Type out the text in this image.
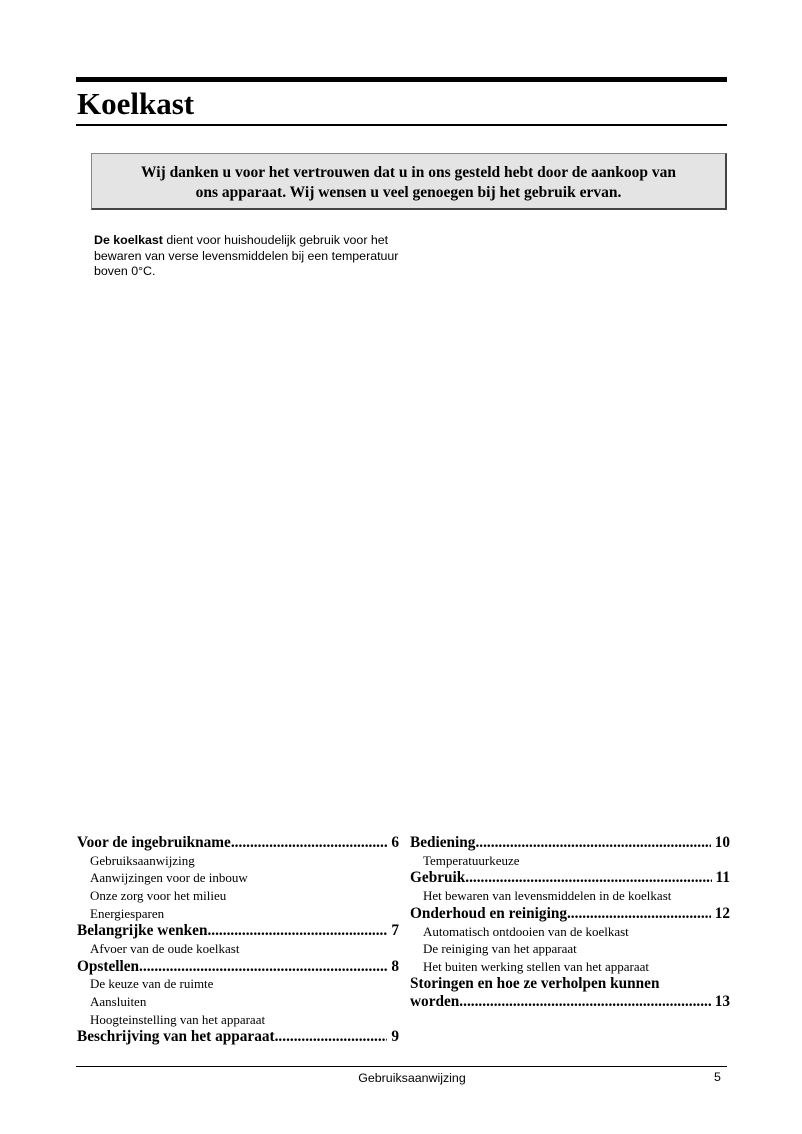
Koelkast
Wij danken u voor het vertrouwen dat u in ons gesteld hebt door de aankoop van
ons apparaat. Wij wensen u veel genoegen bij het gebruik ervan.
De koelkast dient voor huishoudelijk gebruik voor het bewaren van verse levensmiddelen bij een temperatuur boven 0°C.
Voor de ingebruikname .....	6
Gebruiksaanwijzing
Aanwijzingen voor de inbouw
Onze zorg voor het milieu
Energiesparen
Belangrijke wenken .....	7
Afvoer van de oude koelkast
Opstellen .....	8
De keuze van de ruimte
Aansluiten
Hoogteinstelling van het apparaat
Beschrijving van het apparaat .....	9
Bediening .....	10
Temperatuurkeuze
Gebruik .....	11
Het bewaren van levensmiddelen in de koelkast
Onderhoud en reiniging .....	12
Automatisch ontdooien van de koelkast
De reiniging van het apparaat
Het buiten werking stellen van het apparaat
Storingen en hoe ze verholpen kunnen
worden .....	13
Gebruiksaanwijzing	5
